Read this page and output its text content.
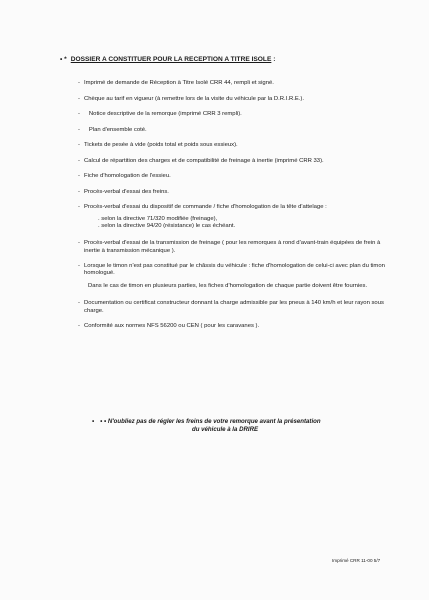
• * DOSSIER A CONSTITUER POUR LA RECEPTION A TITRE ISOLE :
- Imprimé de demande de Réception à Titre Isolé CRR 44, rempli et signé.
- Chèque au tarif en vigueur (à remettre lors de la visite du véhicule par la D.R.I.R.E.).
- Notice descriptive de la remorque (imprimé CRR 3 rempli).
- Plan d'ensemble coté.
- Tickets de pesée à vide (poids total et poids sous essieux).
- Calcul de répartition des charges et de compatibilité de freinage à inertie (imprimé CRR 33).
- Fiche d'homologation de l'essieu.
- Procès-verbal d'essai des freins.
- Procès-verbal d'essai du dispositif de commande / fiche d'homologation de la tête d'attelage :
. selon la directive 71/320 modifiée (freinage),
. selon la directive 94/20 (résistance) le cas échéant.
- Procès-verbal d'essai de la transmission de freinage ( pour les remorques à rond d'avant-train équipées de frein à inertie à transmission mécanique ).
- Lorsque le timon n'est pas constitué par le châssis du véhicule : fiche d'homologation de celui-ci avec plan du timon homologué.
Dans le cas de timon en plusieurs parties, les fiches d'homologation de chaque partie doivent être fournies.
- Documentation ou certificat constructeur donnant la charge admissible par les pneus à 140 km/h et leur rayon sous charge.
- Conformité aux normes NFS 56200 ou CEN ( pour les caravanes ).
• • • N'oubliez pas de régler les freins de votre remorque avant la présentation
du véhicule à la DRIRE
Imprimé CRR 11-00 5/7
